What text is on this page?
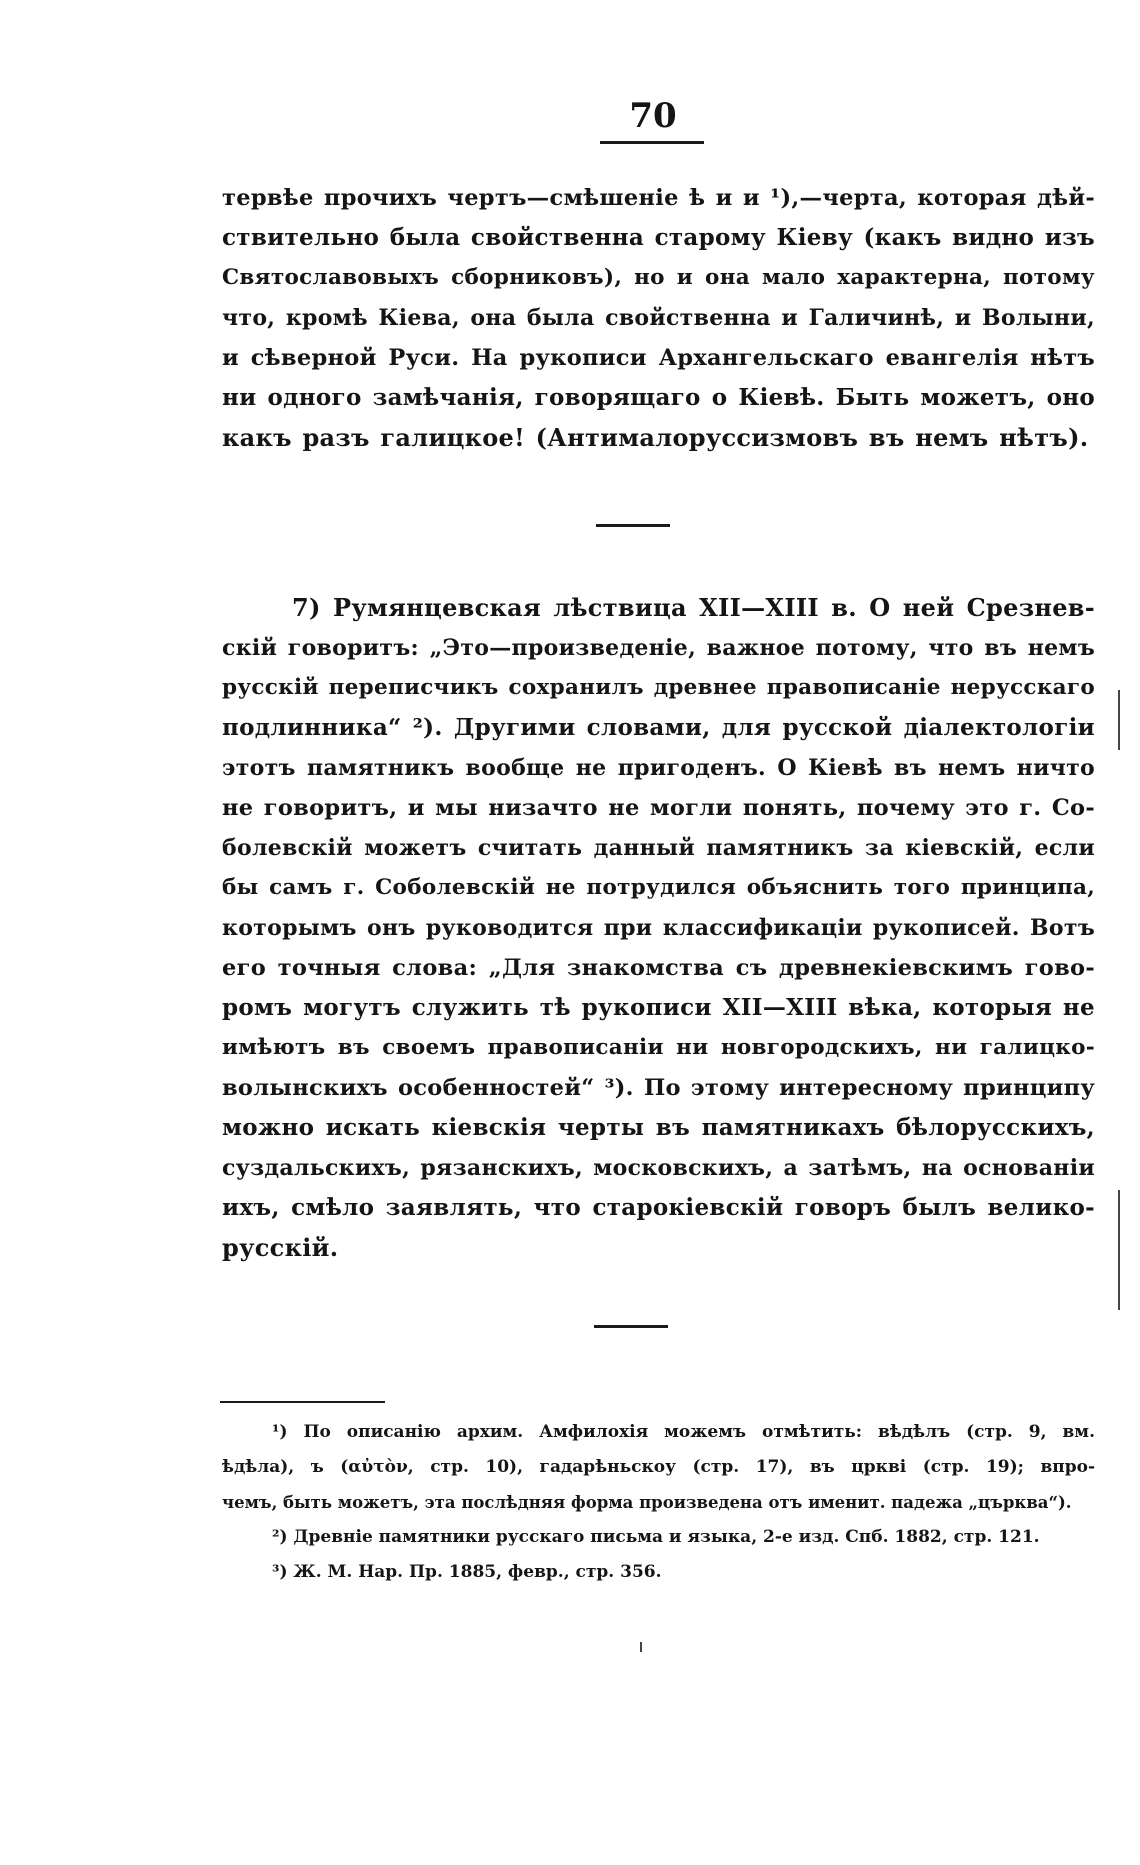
70
тервѣе прочихъ чертъ—смѣшеніе ѣ и и ¹),—черта, которая дѣй-
ствительно была свойственна старому Кіеву (какъ видно изъ
Святославовыхъ сборниковъ), но и она мало характерна, потому
что, кромѣ Кіева, она была свойственна и Галичинѣ, и Волыни,
и сѣверной Руси. На рукописи Архангельскаго евангелія нѣтъ
ни одного замѣчанія, говорящаго о Кіевѣ. Быть можетъ, оно
какъ разъ галицкое! (Антималоруссизмовъ въ немъ нѣтъ).
7) Румянцевская лѣствица ХII—ХIII в. О ней Срезнев-
скій говоритъ: „Это—произведеніе, важное потому, что въ немъ
русскій переписчикъ сохранилъ древнее правописаніе нерусскаго
подлинника“ ²). Другими словами, для русской діалектологіи
этотъ памятникъ вообще не пригоденъ. О Кіевѣ въ немъ ничто
не говоритъ, и мы низачто не могли понять, почему это г. Со-
болевскій можетъ считать данный памятникъ за кіевскій, если
бы самъ г. Соболевскій не потрудился объяснить того принципа,
которымъ онъ руководится при классификаціи рукописей. Вотъ
его точныя слова: „Для знакомства съ древнекіевскимъ гово-
ромъ могутъ служить тѣ рукописи ХII—ХIII вѣка, которыя не
имѣютъ въ своемъ правописаніи ни новгородскихъ, ни галицко-
волынскихъ особенностей“ ³). По этому интересному принципу
можно искать кіевскія черты въ памятникахъ бѣлорусскихъ,
суздальскихъ, рязанскихъ, московскихъ, а затѣмъ, на основаніи
ихъ, смѣло заявлять, что старокіевскій говоръ былъ велико-
русскій.
¹) По описанію архим. Амфилохія можемъ отмѣтить: вѣдѣлъ (стр. 9, вм.
ѣдѣла), ъ (αὐτὸν, стр. 10), гадарѣньскоу (стр. 17), въ цркві (стр. 19); впро-
чемъ, быть можетъ, эта послѣдняя форма произведена отъ именит. падежа „църква“).
²) Древніе памятники русскаго письма и языка, 2-е изд. Спб. 1882, стр. 121.
³) Ж. М. Нар. Пр. 1885, февр., стр. 356.
